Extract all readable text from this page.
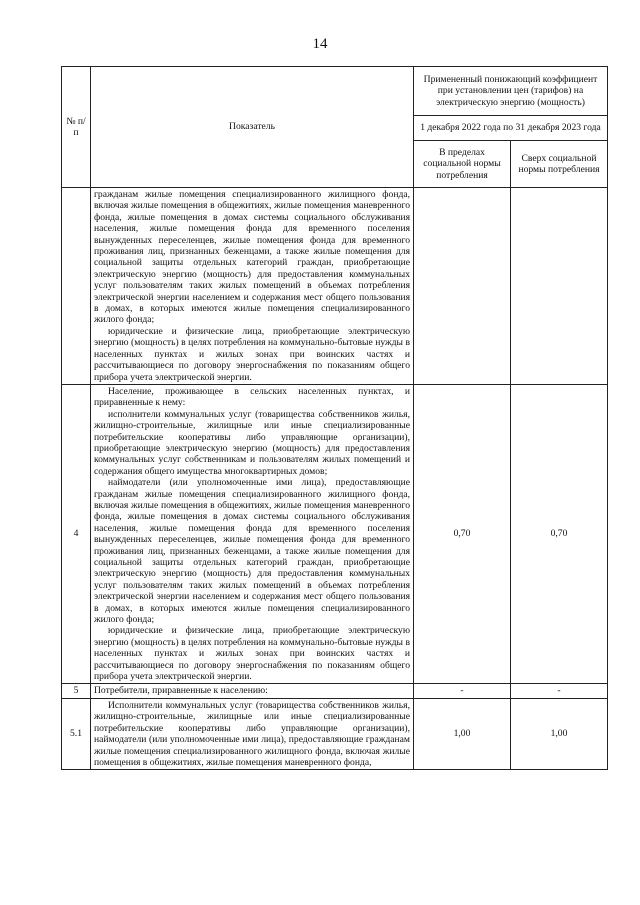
14
№ п/п	Показатель	Примененный понижающий коэффициент при установлении цен (тарифов) на электрическую энергию (мощность)	
		1 декабря 2022 года по 31 декабря 2023 года	
		В пределах социальной нормы потребления	Сверх социальной нормы потребления

	гражданам жилые помещения специализированного жилищного фонда, включая жилые помещения в общежитиях, жилые помещения маневренного фонда, жилые помещения в домах системы социального обслуживания населения, жилые помещения фонда для временного поселения вынужденных переселенцев, жилые помещения фонда для временного проживания лиц, признанных беженцами, а также жилые помещения для социальной защиты отдельных категорий граждан, приобретающие электрическую энергию (мощность) для предоставления коммунальных услуг пользователям таких жилых помещений в объемах потребления электрической энергии населением и содержания мест общего пользования в домах, в которых имеются жилые помещения специализированного жилого фонда;

юридические и физические лица, приобретающие электрическую энергию (мощность) в целях потребления на коммунально-бытовые нужды в населенных пунктах и жилых зонах при воинских частях и рассчитывающиеся по договору энергоснабжения по показаниям общего прибора учета электрической энергии.		

4	Население, проживающее в сельских населенных пунктах, и приравненные к нему:

исполнители коммунальных услуг (товарищества собственников жилья, жилищно-строительные, жилищные или иные специализированные потребительские кооперативы либо управляющие организации), приобретающие электрическую энергию (мощность) для предоставления коммунальных услуг собственникам и пользователям жилых помещений и содержания общего имущества многоквартирных домов;

наймодатели (или уполномоченные ими лица), предоставляющие гражданам жилые помещения специализированного жилищного фонда, включая жилые помещения в общежитиях, жилые помещения маневренного фонда, жилые помещения в домах системы социального обслуживания населения, жилые помещения фонда для временного поселения вынужденных переселенцев, жилые помещения фонда для временного проживания лиц, признанных беженцами, а также жилые помещения для социальной защиты отдельных категорий граждан, приобретающие электрическую энергию (мощность) для предоставления коммунальных услуг пользователям таких жилых помещений в объемах потребления электрической энергии населением и содержания мест общего пользования в домах, в которых имеются жилые помещения специализированного жилого фонда;

юридические и физические лица, приобретающие электрическую энергию (мощность) в целях потребления на коммунально-бытовые нужды в населенных пунктах и жилых зонах при воинских частях и рассчитывающиеся по договору энергоснабжения по показаниям общего прибора учета электрической энергии.	0,70	0,70
5	Потребители, приравненные к населению:	-	-
5.1	Исполнители коммунальных услуг (товарищества собственников жилья, жилищно-строительные, жилищные или иные специализированные потребительские кооперативы либо управляющие организации), наймодатели (или уполномоченные ими лица), предоставляющие гражданам жилые помещения специализированного жилищного фонда, включая жилые помещения в общежитиях, жилые помещения маневренного фонда,	1,00	1,00
